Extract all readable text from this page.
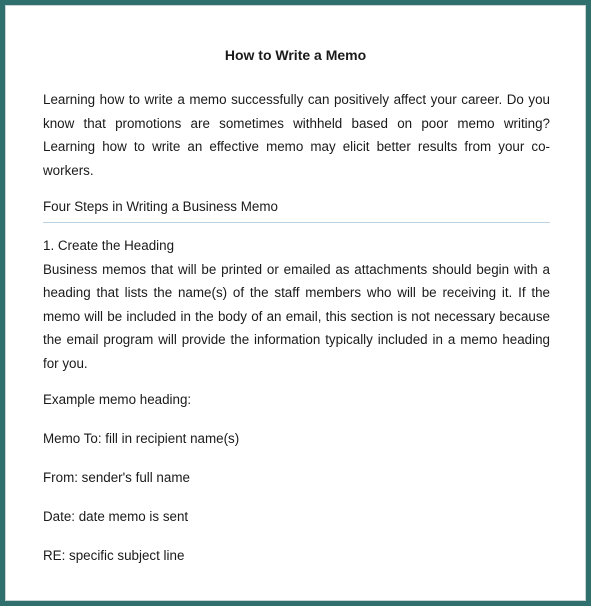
How to Write a Memo
Learning how to write a memo successfully can positively affect your career. Do you know that promotions are sometimes withheld based on poor memo writing? Learning how to write an effective memo may elicit better results from your co-workers.
Four Steps in Writing a Business Memo
1. Create the Heading
Business memos that will be printed or emailed as attachments should begin with a heading that lists the name(s) of the staff members who will be receiving it. If the memo will be included in the body of an email, this section is not necessary because the email program will provide the information typically included in a memo heading for you.
Example memo heading:
Memo To: fill in recipient name(s)
From: sender's full name
Date: date memo is sent
RE: specific subject line
